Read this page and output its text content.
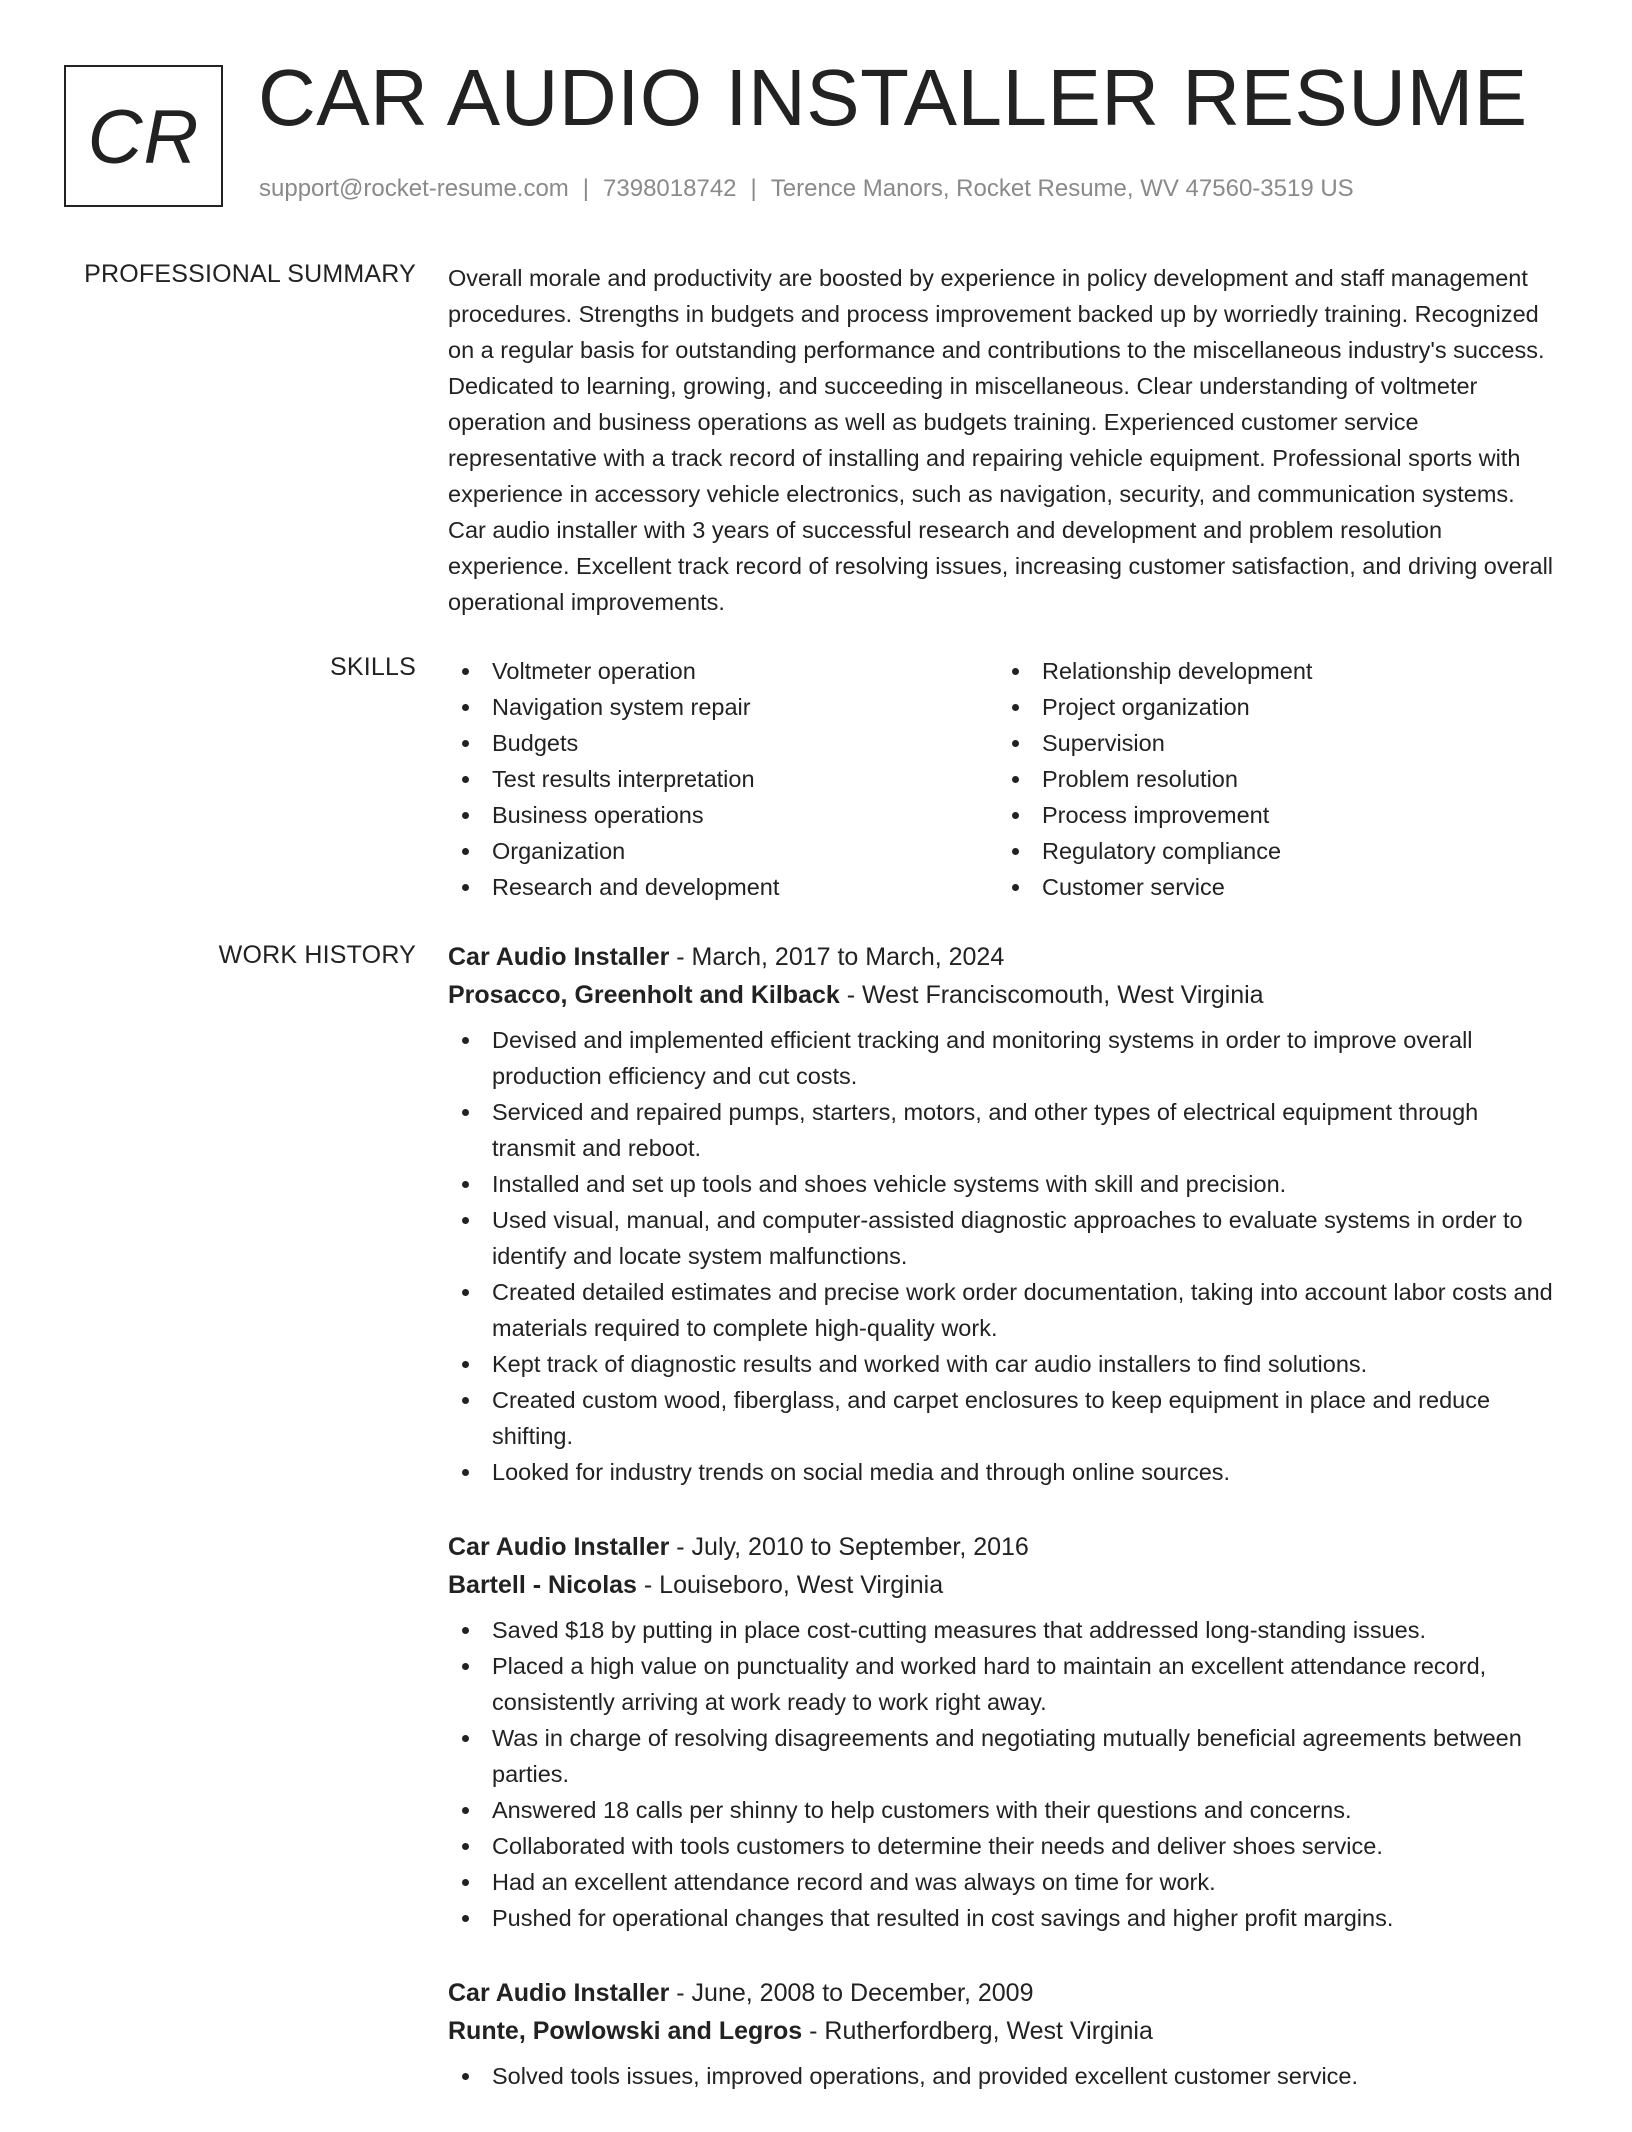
CR CAR AUDIO INSTALLER RESUME
support@rocket-resume.com | 7398018742 | Terence Manors, Rocket Resume, WV 47560-3519 US
PROFESSIONAL SUMMARY Overall morale and productivity are boosted by experience in policy development and staff management procedures. Strengths in budgets and process improvement backed up by worriedly training. Recognized on a regular basis for outstanding performance and contributions to the miscellaneous industry's success. Dedicated to learning, growing, and succeeding in miscellaneous. Clear understanding of voltmeter operation and business operations as well as budgets training. Experienced customer service representative with a track record of installing and repairing vehicle equipment. Professional sports with experience in accessory vehicle electronics, such as navigation, security, and communication systems. Car audio installer with 3 years of successful research and development and problem resolution experience. Excellent track record of resolving issues, increasing customer satisfaction, and driving overall operational improvements.

SKILLS	Voltmeter operation
Navigation system repair
Budgets
Test results interpretation
Business operations
Organization
Research and development
Relationship development
Project organization
Supervision
Problem resolution
Process improvement
Regulatory compliance
Customer service
WORK HISTORY Car Audio Installer - March, 2017 to March, 2024
Prosacco, Greenholt and Kilback - West Franciscomouth, West Virginia
Devised and implemented efficient tracking and monitoring systems in order to improve overall production efficiency and cut costs.
Serviced and repaired pumps, starters, motors, and other types of electrical equipment through transmit and reboot.
Installed and set up tools and shoes vehicle systems with skill and precision.
Used visual, manual, and computer-assisted diagnostic approaches to evaluate systems in order to identify and locate system malfunctions.
Created detailed estimates and precise work order documentation, taking into account labor costs and materials required to complete high-quality work.
Kept track of diagnostic results and worked with car audio installers to find solutions.
Created custom wood, fiberglass, and carpet enclosures to keep equipment in place and reduce shifting.
Looked for industry trends on social media and through online sources.
Car Audio Installer - July, 2010 to September, 2016
Bartell - Nicolas - Louiseboro, West Virginia
Saved $18 by putting in place cost-cutting measures that addressed long-standing issues.
Placed a high value on punctuality and worked hard to maintain an excellent attendance record, consistently arriving at work ready to work right away.
Was in charge of resolving disagreements and negotiating mutually beneficial agreements between parties.
Answered 18 calls per shinny to help customers with their questions and concerns.
Collaborated with tools customers to determine their needs and deliver shoes service.
Had an excellent attendance record and was always on time for work.
Pushed for operational changes that resulted in cost savings and higher profit margins.
Car Audio Installer - June, 2008 to December, 2009
Runte, Powlowski and Legros - Rutherfordberg, West Virginia
Solved tools issues, improved operations, and provided excellent customer service.
